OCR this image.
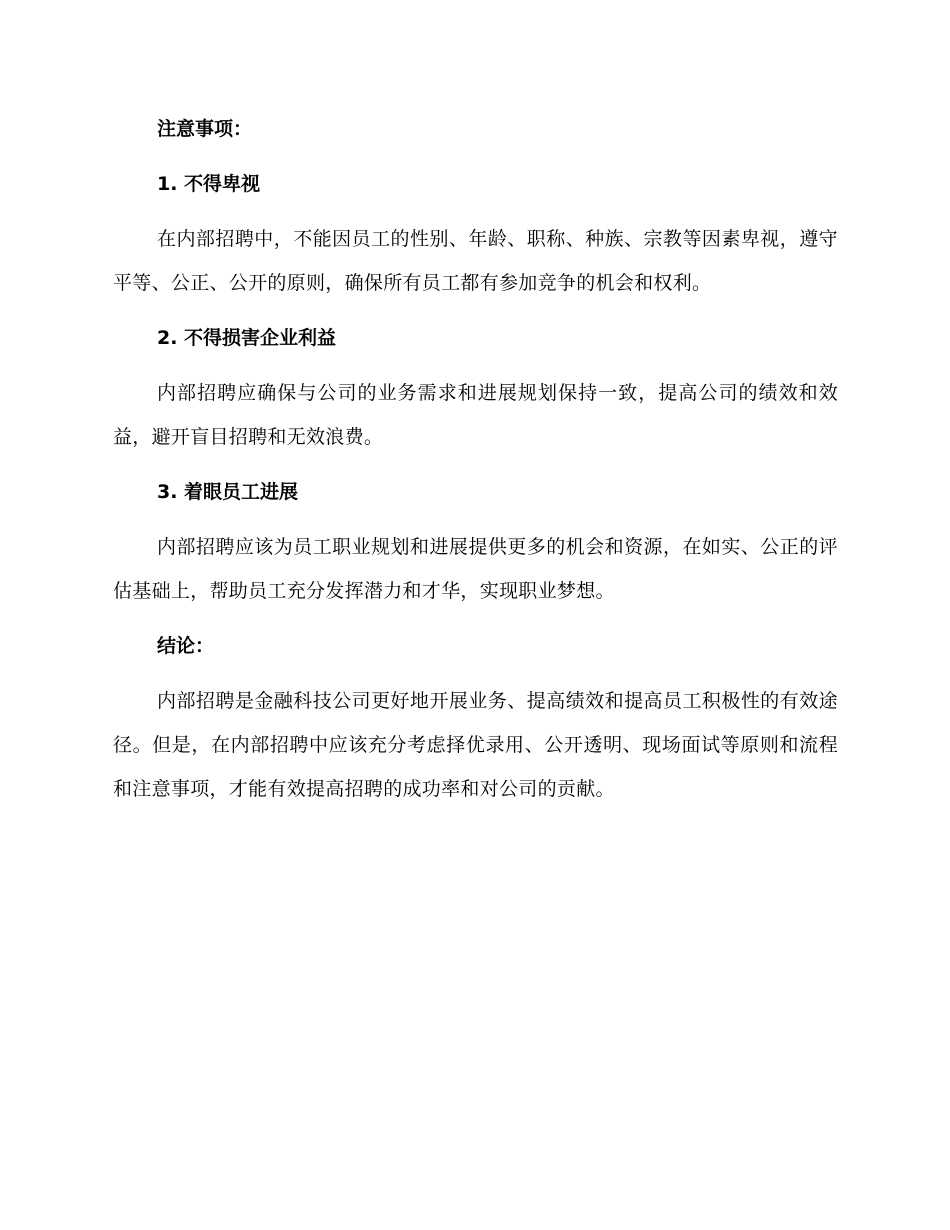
注意事项：
1. 不得卑视

在内部招聘中，不能因员工的性别、年龄、职称、种族、宗教等因素卑视，遵守平等、公正、公开的原则，确保所有员工都有参加竞争的机会和权利。

2. 不得损害企业利益

内部招聘应确保与公司的业务需求和进展规划保持一致，提高公司的绩效和效益，避开盲目招聘和无效浪费。

3. 着眼员工进展

内部招聘应该为员工职业规划和进展提供更多的机会和资源，在如实、公正的评估基础上，帮助员工充分发挥潜力和才华，实现职业梦想。

结论：

内部招聘是金融科技公司更好地开展业务、提高绩效和提高员工积极性的有效途径。但是，在内部招聘中应该充分考虑择优录用、公开透明、现场面试等原则和流程和注意事项，才能有效提高招聘的成功率和对公司的贡献。
